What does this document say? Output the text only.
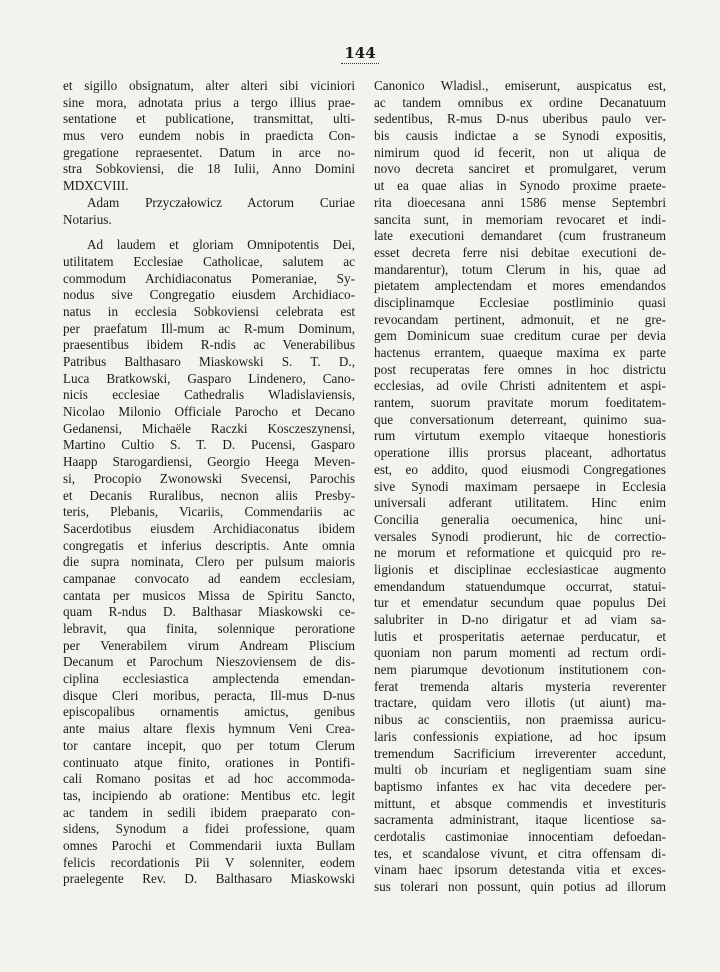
144
et sigillo obsignatum, alter alteri sibi viciniori
sine mora, adnotata prius a tergo illius prae-
sentatione et publicatione, transmittat, ulti-
mus vero eundem nobis in praedicta Con-
gregatione repraesentet. Datum in arce no-
stra Sobkoviensi, die 18 Iulii, Anno Domini
MDXCVIII.
Adam Przyczałowicz Actorum Curiae
Notarius.
Ad laudem et gloriam Omnipotentis Dei,
utilitatem Ecclesiae Catholicae, salutem ac
commodum Archidiaconatus Pomeraniae, Sy-
nodus sive Congregatio eiusdem Archidiaco-
natus in ecclesia Sobkoviensi celebrata est
per praefatum Ill-mum ac R-mum Dominum,
praesentibus ibidem R-ndis ac Venerabilibus
Patribus Balthasaro Miaskowski S. T. D.,
Luca Bratkowski, Gasparo Lindenero, Cano-
nicis ecclesiae Cathedralis Wladislaviensis,
Nicolao Milonio Officiale Parocho et Decano
Gedanensi, Michaële Raczki Kosczeszynensi,
Martino Cultio S. T. D. Pucensi, Gasparo
Haapp Starogardiensi, Georgio Heega Meven-
si, Procopio Zwonowski Svecensi, Parochis
et Decanis Ruralibus, necnon aliis Presby-
teris, Plebanis, Vicariis, Commendariis ac
Sacerdotibus eiusdem Archidiaconatus ibidem
congregatis et inferius descriptis. Ante omnia
die supra nominata, Clero per pulsum maioris
campanae convocato ad eandem ecclesiam,
cantata per musicos Missa de Spiritu Sancto,
quam R-ndus D. Balthasar Miaskowski ce-
lebravit, qua finita, solennique peroratione
per Venerabilem virum Andream Pliscium
Decanum et Parochum Nieszoviensem de dis-
ciplina ecclesiastica amplectenda emendan-
disque Cleri moribus, peracta, Ill-mus D-nus
episcopalibus ornamentis amictus, genibus
ante maius altare flexis hymnum Veni Crea-
tor cantare incepit, quo per totum Clerum
continuato atque finito, orationes in Pontifi-
cali Romano positas et ad hoc accommoda-
tas, incipiendo ab oratione: Mentibus etc. legit
ac tandem in sedili ibidem praeparato con-
sidens, Synodum a fidei professione, quam
omnes Parochi et Commendarii iuxta Bullam
felicis recordationis Pii V solenniter, eodem
praelegente Rev. D. Balthasaro Miaskowski
Canonico Wladisl., emiserunt, auspicatus est,
ac tandem omnibus ex ordine Decanatuum
sedentibus, R-mus D-nus uberibus paulo ver-
bis causis indictae a se Synodi expositis,
nimirum quod id fecerit, non ut aliqua de
novo decreta sanciret et promulgaret, verum
ut ea quae alias in Synodo proxime praete-
rita dioecesana anni 1586 mense Septembri
sancita sunt, in memoriam revocaret et indi-
late executioni demandaret (cum frustraneum
esset decreta ferre nisi debitae executioni de-
mandarentur), totum Clerum in his, quae ad
pietatem amplectendam et mores emendandos
disciplinamque Ecclesiae postliminio quasi
revocandam pertinent, admonuit, et ne gre-
gem Dominicum suae creditum curae per devia
hactenus errantem, quaeque maxima ex parte
post recuperatas fere omnes in hoc districtu
ecclesias, ad ovile Christi adnitentem et aspi-
rantem, suorum pravitate morum foeditatem-
que conversationum deterreant, quinimo sua-
rum virtutum exemplo vitaeque honestioris
operatione illis prorsus placeant, adhortatus
est, eo addito, quod eiusmodi Congregationes
sive Synodi maximam persaepe in Ecclesia
universali adferant utilitatem. Hinc enim
Concilia generalia oecumenica, hinc uni-
versales Synodi prodierunt, hic de correctio-
ne morum et reformatione et quicquid pro re-
ligionis et disciplinae ecclesiasticae augmento
emendandum statuendumque occurrat, statui-
tur et emendatur secundum quae populus Dei
salubriter in D-no dirigatur et ad viam sa-
lutis et prosperitatis aeternae perducatur, et
quoniam non parum momenti ad rectum ordi-
nem piarumque devotionum institutionem con-
ferat tremenda altaris mysteria reverenter
tractare, quidam vero illotis (ut aiunt) ma-
nibus ac conscientiis, non praemissa auricu-
laris confessionis expiatione, ad hoc ipsum
tremendum Sacrificium irreverenter accedunt,
multi ob incuriam et negligentiam suam sine
baptismo infantes ex hac vita decedere per-
mittunt, et absque commendis et investituris
sacramenta administrant, itaque licentiose sa-
cerdotalis castimoniae innocentiam defoedan-
tes, et scandalose vivunt, et citra offensam di-
vinam haec ipsorum detestanda vitia et exces-
sus tolerari non possunt, quin potius ad illorum
